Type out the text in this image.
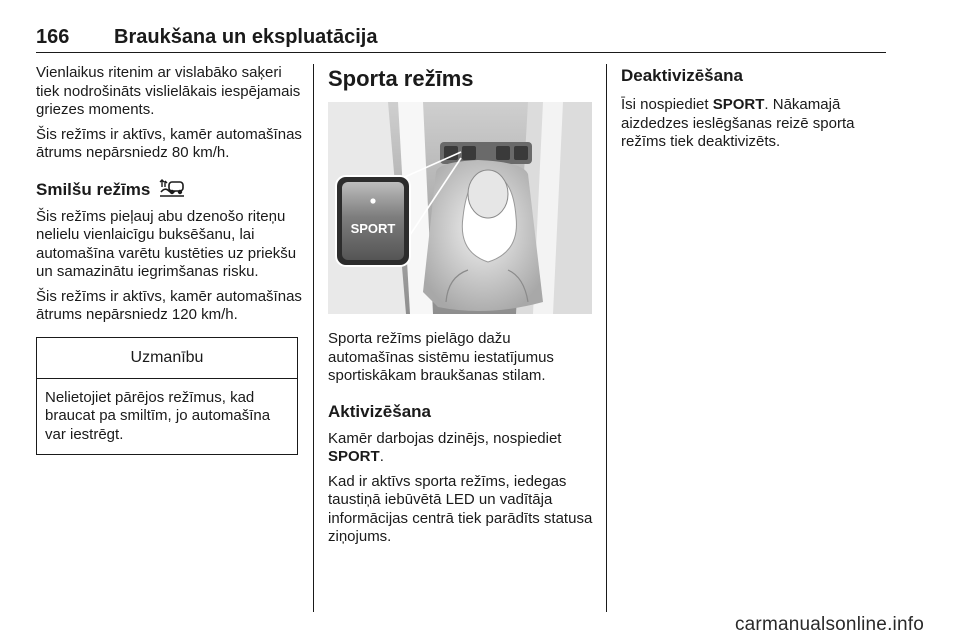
166 Braukšana un ekspluatācija

Vienlaikus ritenim ar vislabāko saķeri tiek nodrošināts vislielākais iespējamais griezes moments.

Šis režīms ir aktīvs, kamēr automašīnas ātrums nepārsniedz 80 km/h.

Smilšu režīms

Šis režīms pieļauj abu dzenošo riteņu nelielu vienlaicīgu buksēšanu, lai automašīna varētu kustēties uz priekšu un samazinātu iegrimšanas risku.

Šis režīms ir aktīvs, kamēr automašīnas ātrums nepārsniedz 120 km/h.

Uzmanību
Nelietojiet pārējos režīmus, kad braucat pa smiltīm, jo automašīna var iestrēgt.
Sporta režīms
SPORT

Sporta režīms pielāgo dažu automašīnas sistēmu iestatījumus sportiskākam braukšanas stilam.

Aktivizēšana

Kamēr darbojas dzinējs, nospiediet SPORT.

Kad ir aktīvs sporta režīms, iedegas taustiņā iebūvētā LED un vadītāja informācijas centrā tiek parādīts statusa ziņojums.

Deaktivizēšana

Īsi nospiediet SPORT. Nākamajā aizdedzes ieslēgšanas reizē sporta režīms tiek deaktivizēts.

carmanualsonline.info
